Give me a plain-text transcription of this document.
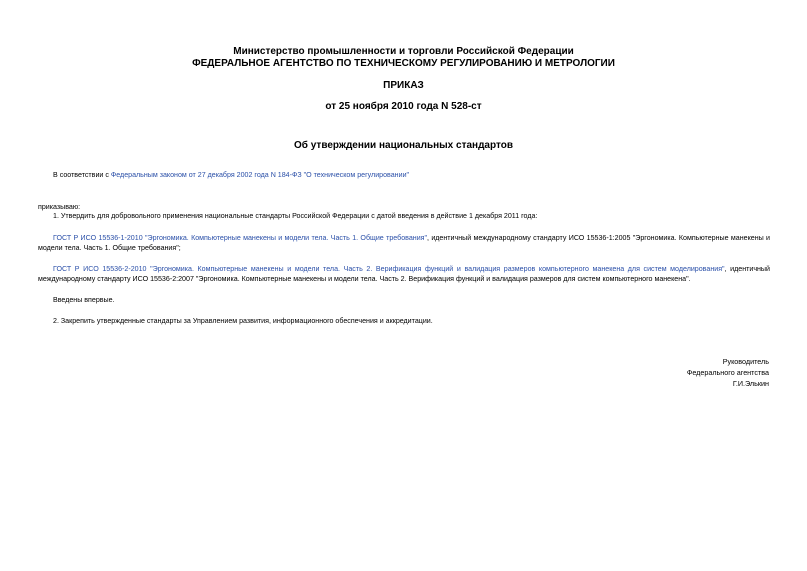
Министерство промышленности и торговли Российской Федерации
ФЕДЕРАЛЬНОЕ АГЕНТСТВО ПО ТЕХНИЧЕСКОМУ РЕГУЛИРОВАНИЮ И МЕТРОЛОГИИ
ПРИКАЗ
от 25 ноября 2010 года N 528-ст
Об утверждении национальных стандартов
В соответствии с Федеральным законом от 27 декабря 2002 года N 184-ФЗ "О техническом регулировании"
приказываю:
1. Утвердить для добровольного применения национальные стандарты Российской Федерации с датой введения в действие 1 декабря 2011 года:
ГОСТ Р ИСО 15536-1-2010 "Эргономика. Компьютерные манекены и модели тела. Часть 1. Общие требования", идентичный международному стандарту ИСО 15536-1:2005 "Эргономика. Компьютерные манекены и модели тела. Часть 1. Общие требования";
ГОСТ Р ИСО 15536-2-2010 "Эргономика. Компьютерные манекены и модели тела. Часть 2. Верификация функций и валидация размеров компьютерного манекена для систем моделирования", идентичный международному стандарту ИСО 15536-2:2007 "Эргономика. Компьютерные манекены и модели тела. Часть 2. Верификация функций и валидация размеров для систем компьютерного манекена".
Введены впервые.
2. Закрепить утвержденные стандарты за Управлением развития, информационного обеспечения и аккредитации.
Руководитель
Федерального агентства
Г.И.Элькин
